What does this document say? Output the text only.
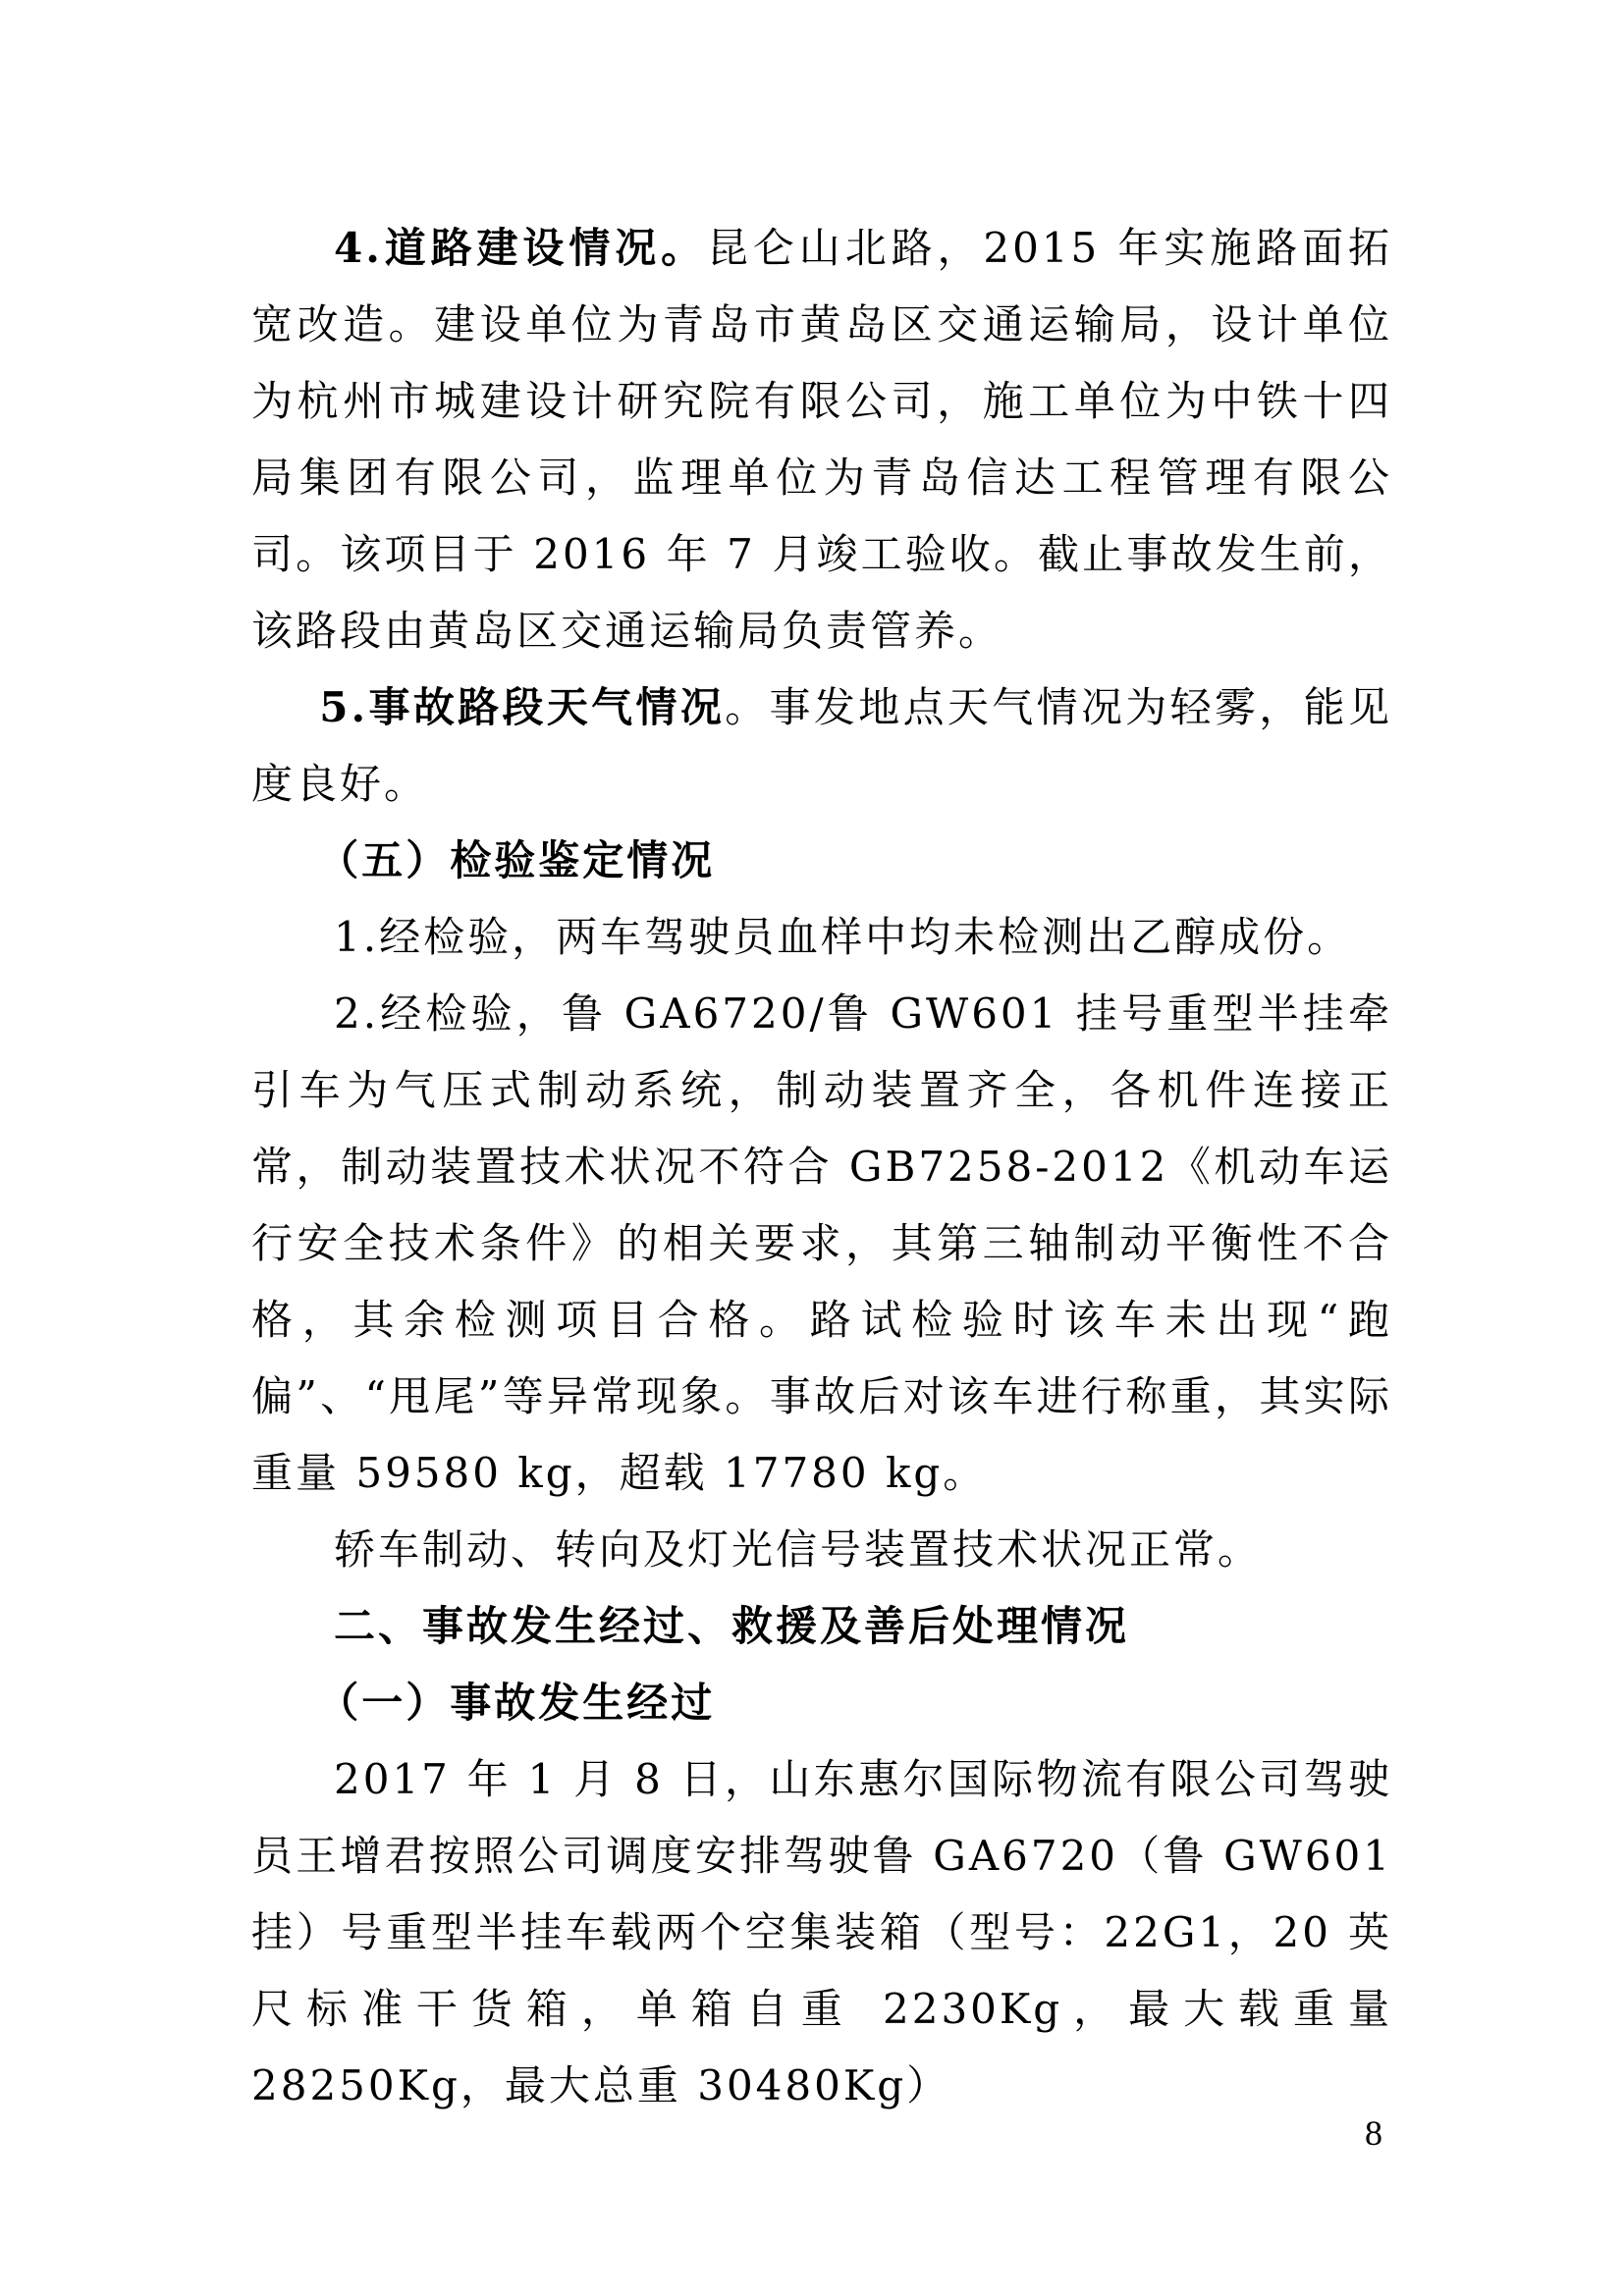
4.道路建设情况。昆仑山北路，2015 年实施路面拓宽改造。建设单位为青岛市黄岛区交通运输局，设计单位为杭州市城建设计研究院有限公司，施工单位为中铁十四局集团有限公司，监理单位为青岛信达工程管理有限公司。该项目于 2016 年 7 月竣工验收。截止事故发生前，该路段由黄岛区交通运输局负责管养。

5.事故路段天气情况。事发地点天气情况为轻雾，能见度良好。

（五）检验鉴定情况

1.经检验，两车驾驶员血样中均未检测出乙醇成份。

2.经检验，鲁 GA6720/鲁 GW601 挂号重型半挂牵引车为气压式制动系统，制动装置齐全，各机件连接正常，制动装置技术状况不符合 GB7258-2012《机动车运行安全技术条件》的相关要求，其第三轴制动平衡性不合格，其余检测项目合格。路试检验时该车未出现“跑偏”、“甩尾”等异常现象。事故后对该车进行称重，其实际重量 59580 kg，超载 17780 kg。

轿车制动、转向及灯光信号装置技术状况正常。

二、事故发生经过、救援及善后处理情况

（一）事故发生经过

2017 年 1 月 8 日，山东惠尔国际物流有限公司驾驶员王增君按照公司调度安排驾驶鲁 GA6720（鲁 GW601 挂）号重型半挂车载两个空集装箱（型号：22G1，20 英尺标准干货箱，单箱自重 2230Kg，最大载重量 28250Kg，最大总重 30480Kg）

8
